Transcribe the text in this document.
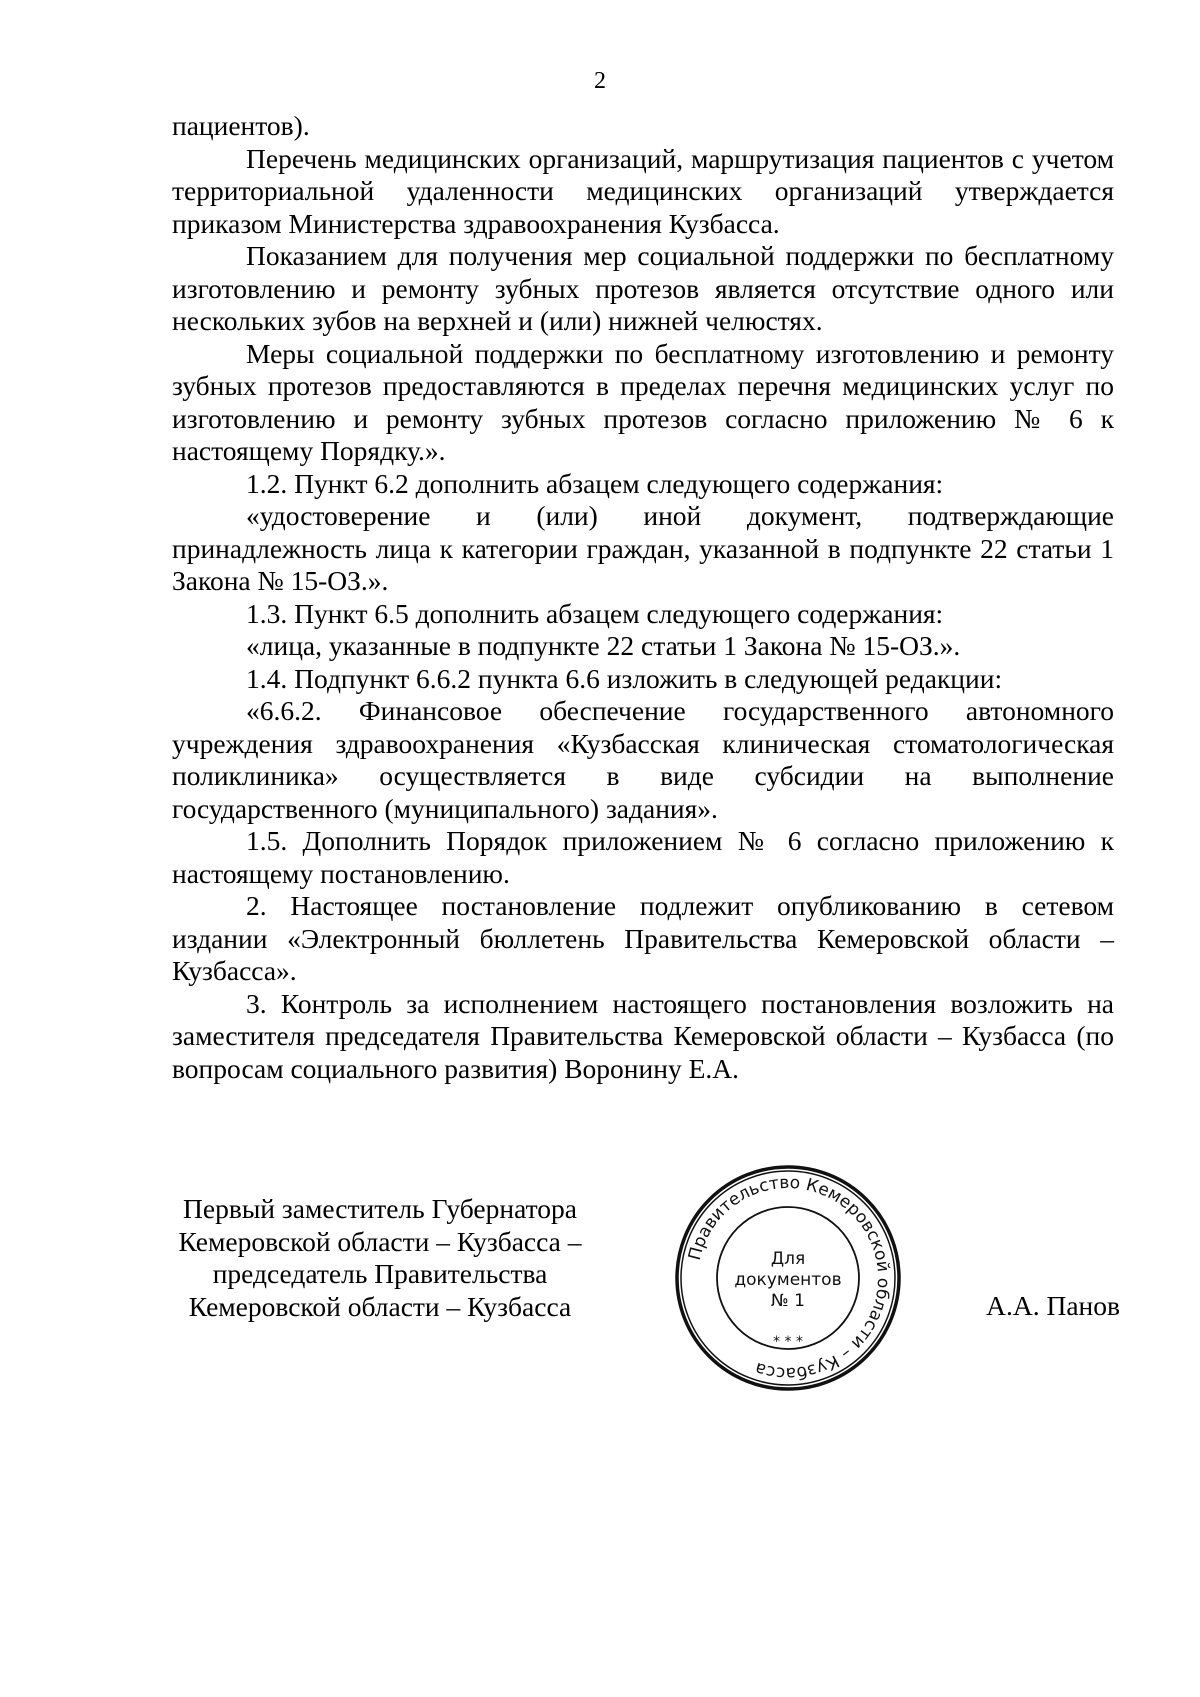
2

пациентов).

Перечень медицинских организаций, маршрутизация пациентов с учетом территориальной удаленности медицинских организаций утверждается приказом Министерства здравоохранения Кузбасса.

Показанием для получения мер социальной поддержки по бесплатному изготовлению и ремонту зубных протезов является отсутствие одного или нескольких зубов на верхней и (или) нижней челюстях.

Меры социальной поддержки по бесплатному изготовлению и ремонту зубных протезов предоставляются в пределах перечня медицинских услуг по изготовлению и ремонту зубных протезов согласно приложению № 6 к настоящему Порядку.».

1.2. Пункт 6.2 дополнить абзацем следующего содержания:

«удостоверение и (или) иной документ, подтверждающие принадлежность лица к категории граждан, указанной в подпункте 22 статьи 1 Закона № 15-ОЗ.».

1.3. Пункт 6.5 дополнить абзацем следующего содержания:

«лица, указанные в подпункте 22 статьи 1 Закона № 15-ОЗ.».

1.4. Подпункт 6.6.2 пункта 6.6 изложить в следующей редакции:

«6.6.2. Финансовое обеспечение государственного автономного учреждения здравоохранения «Кузбасская клиническая стоматологическая поликлиника» осуществляется в виде субсидии на выполнение государственного (муниципального) задания».

1.5. Дополнить Порядок приложением № 6 согласно приложению к настоящему постановлению.

2. Настоящее постановление подлежит опубликованию в сетевом издании «Электронный бюллетень Правительства Кемеровской области – Кузбасса».

3. Контроль за исполнением настоящего постановления возложить на заместителя председателя Правительства Кемеровской области – Кузбасса (по вопросам социального развития) Воронину Е.А.

Первый заместитель Губернатора
Кемеровской области – Кузбасса –
председатель Правительства
Кемеровской области – Кузбасса
Правительство Кемеровской области – Кузбасса
* * *
Для
документов
№ 1	А.А. Панов
